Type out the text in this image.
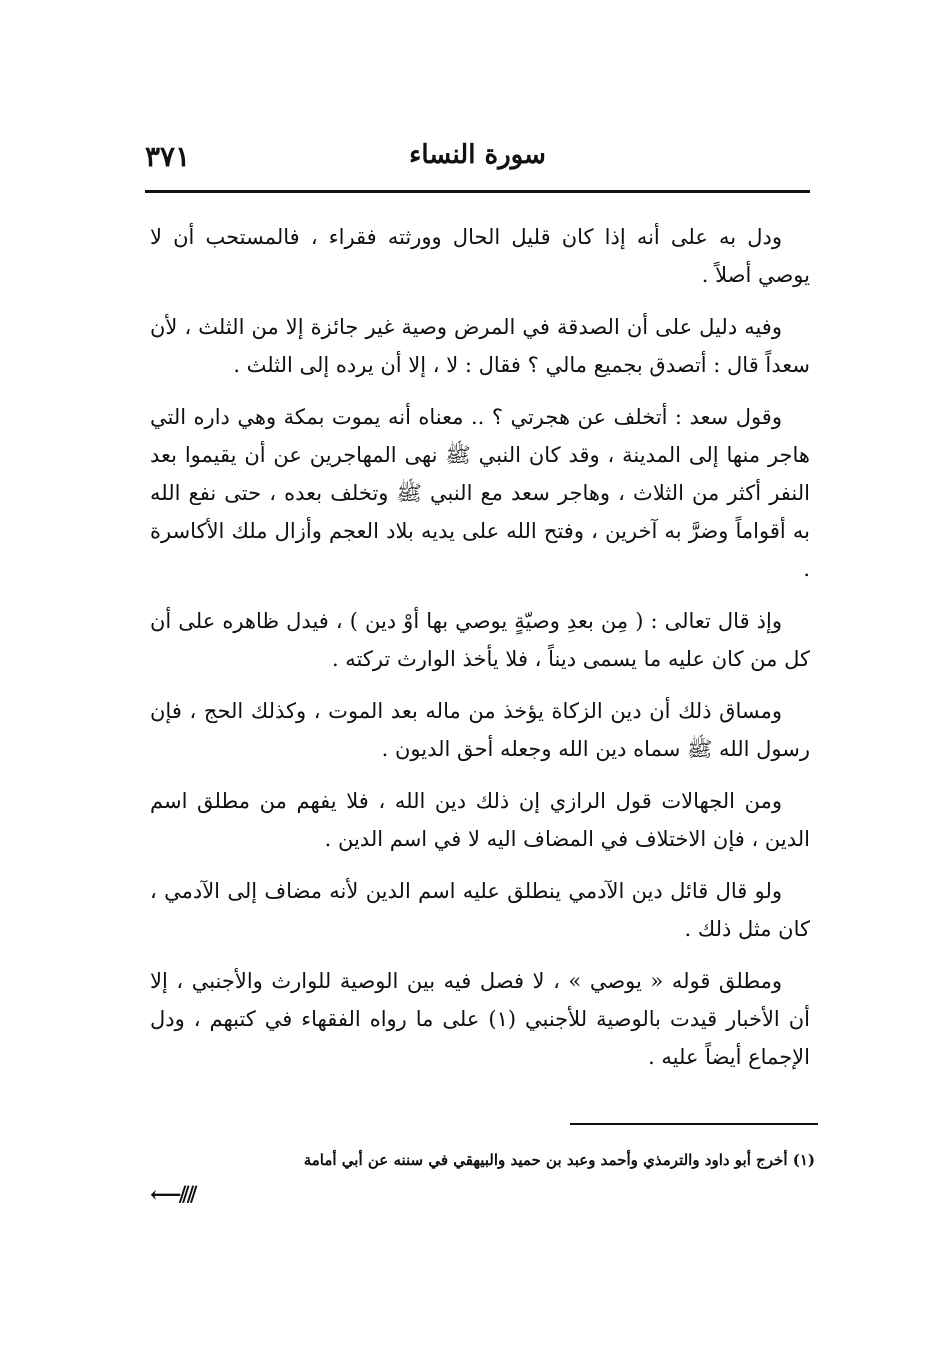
٣٧١	سورة النساء

ودل به على أنه إذا كان قليل الحال وورثته فقراء ، فالمستحب أن لا يوصي أصلاً .

وفيه دليل على أن الصدقة في المرض وصية غير جائزة إلا من الثلث ، لأن سعداً قال : أتصدق بجميع مالي ؟ فقال : لا ، إلا أن يرده إلى الثلث .

وقول سعد : أتخلف عن هجرتي ؟ .. معناه أنه يموت بمكة وهي داره التي هاجر منها إلى المدينة ، وقد كان النبي ﷺ نهى المهاجرين عن أن يقيموا بعد النفر أكثر من الثلاث ، وهاجر سعد مع النبي ﷺ وتخلف بعده ، حتى نفع الله به أقواماً وضرَّ به آخرين ، وفتح الله على يديه بلاد العجم وأزال ملك الأكاسرة .

وإذ قال تعالى : ( مِن بعدِ وصيّةٍ يوصي بها أوْ دين ) ، فيدل ظاهره على أن كل من كان عليه ما يسمى ديناً ، فلا يأخذ الوارث تركته .

ومساق ذلك أن دين الزكاة يؤخذ من ماله بعد الموت ، وكذلك الحج ، فإن رسول الله ﷺ سماه دين الله وجعله أحق الديون .

ومن الجهالات قول الرازي إن ذلك دين الله ، فلا يفهم من مطلق اسم الدين ، فإن الاختلاف في المضاف اليه لا في اسم الدين .

ولو قال قائل دين الآدمي ينطلق عليه اسم الدين لأنه مضاف إلى الآدمي ، كان مثل ذلك .

ومطلق قوله « يوصي » ، لا فصل فيه بين الوصية للوارث والأجنبي ، إلا أن الأخبار قيدت بالوصية للأجنبي (١) على ما رواه الفقهاء في كتبهم ، ودل الإجماع أيضاً عليه .

(١) أخرج أبو داود والترمذي وأحمد وعبد بن حميد والبيهقي في سننه عن أبي أمامة
⟵⫽⫽
